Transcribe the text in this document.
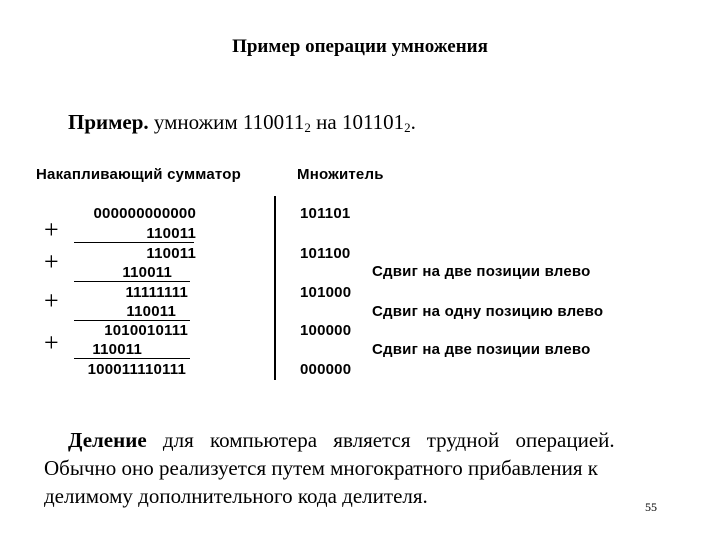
Пример операции умножения
Пример. умножим $110011_2$ на $101101_2$.
Накапливающий сумматор	Множитель
000000000000
110011
110011
110011
11111111
110011
1010010111
110011
100011110111
+
+
+
+
101101
101100
101000
100000
000000
Сдвиг на две позиции влево
Сдвиг на одну позицию влево
Сдвиг на две позиции влево
Деление для компьютера является трудной операцией.
Обычно оно реализуется путем многократного прибавления к
делимому дополнительного кода делителя.	55
